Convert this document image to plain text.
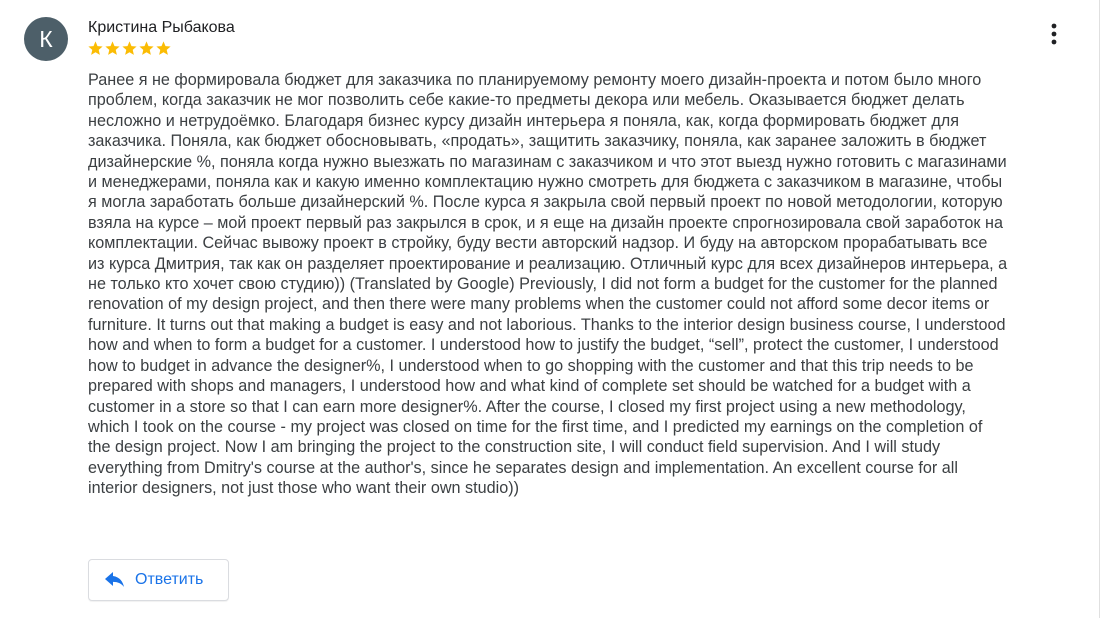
К	Кристина Рыбакова

Ранее я не формировала бюджет для заказчика по планируемому ремонту моего дизайн-проекта и потом было много проблем, когда заказчик не мог позволить себе какие-то предметы декора или мебель. Оказывается бюджет делать несложно и нетрудоёмко. Благодаря бизнес курсу дизайн интерьера я поняла, как, когда формировать бюджет для заказчика. Поняла, как бюджет обосновывать, «продать», защитить заказчику, поняла, как заранее заложить в бюджет дизайнерские %, поняла когда нужно выезжать по магазинам с заказчиком и что этот выезд нужно готовить с магазинами и менеджерами, поняла как и какую именно комплектацию нужно смотреть для бюджета с заказчиком в магазине, чтобы я могла заработать больше дизайнерский %. После курса я закрыла свой первый проект по новой методологии, которую взяла на курсе – мой проект первый раз закрылся в срок, и я еще на дизайн проекте спрогнозировала свой заработок на комплектации. Сейчас вывожу проект в стройку, буду вести авторский надзор. И буду на авторском прорабатывать все из курса Дмитрия, так как он разделяет проектирование и реализацию. Отличный курс для всех дизайнеров интерьера, а не только кто хочет свою студию)) (Translated by Google) Previously, I did not form a budget for the customer for the planned renovation of my design project, and then there were many problems when the customer could not afford some decor items or furniture. It turns out that making a budget is easy and not laborious. Thanks to the interior design business course, I understood how and when to form a budget for a customer. I understood how to justify the budget, “sell”, protect the customer, I understood how to budget in advance the designer%, I understood when to go shopping with the customer and that this trip needs to be prepared with shops and managers, I understood how and what kind of complete set should be watched for a budget with a customer in a store so that I can earn more designer%. After the course, I closed my first project using a new methodology, which I took on the course - my project was closed on time for the first time, and I predicted my earnings on the completion of the design project. Now I am bringing the project to the construction site, I will conduct field supervision. And I will study everything from Dmitry's course at the author's, since he separates design and implementation. An excellent course for all interior designers, not just those who want their own studio))

Ответить
